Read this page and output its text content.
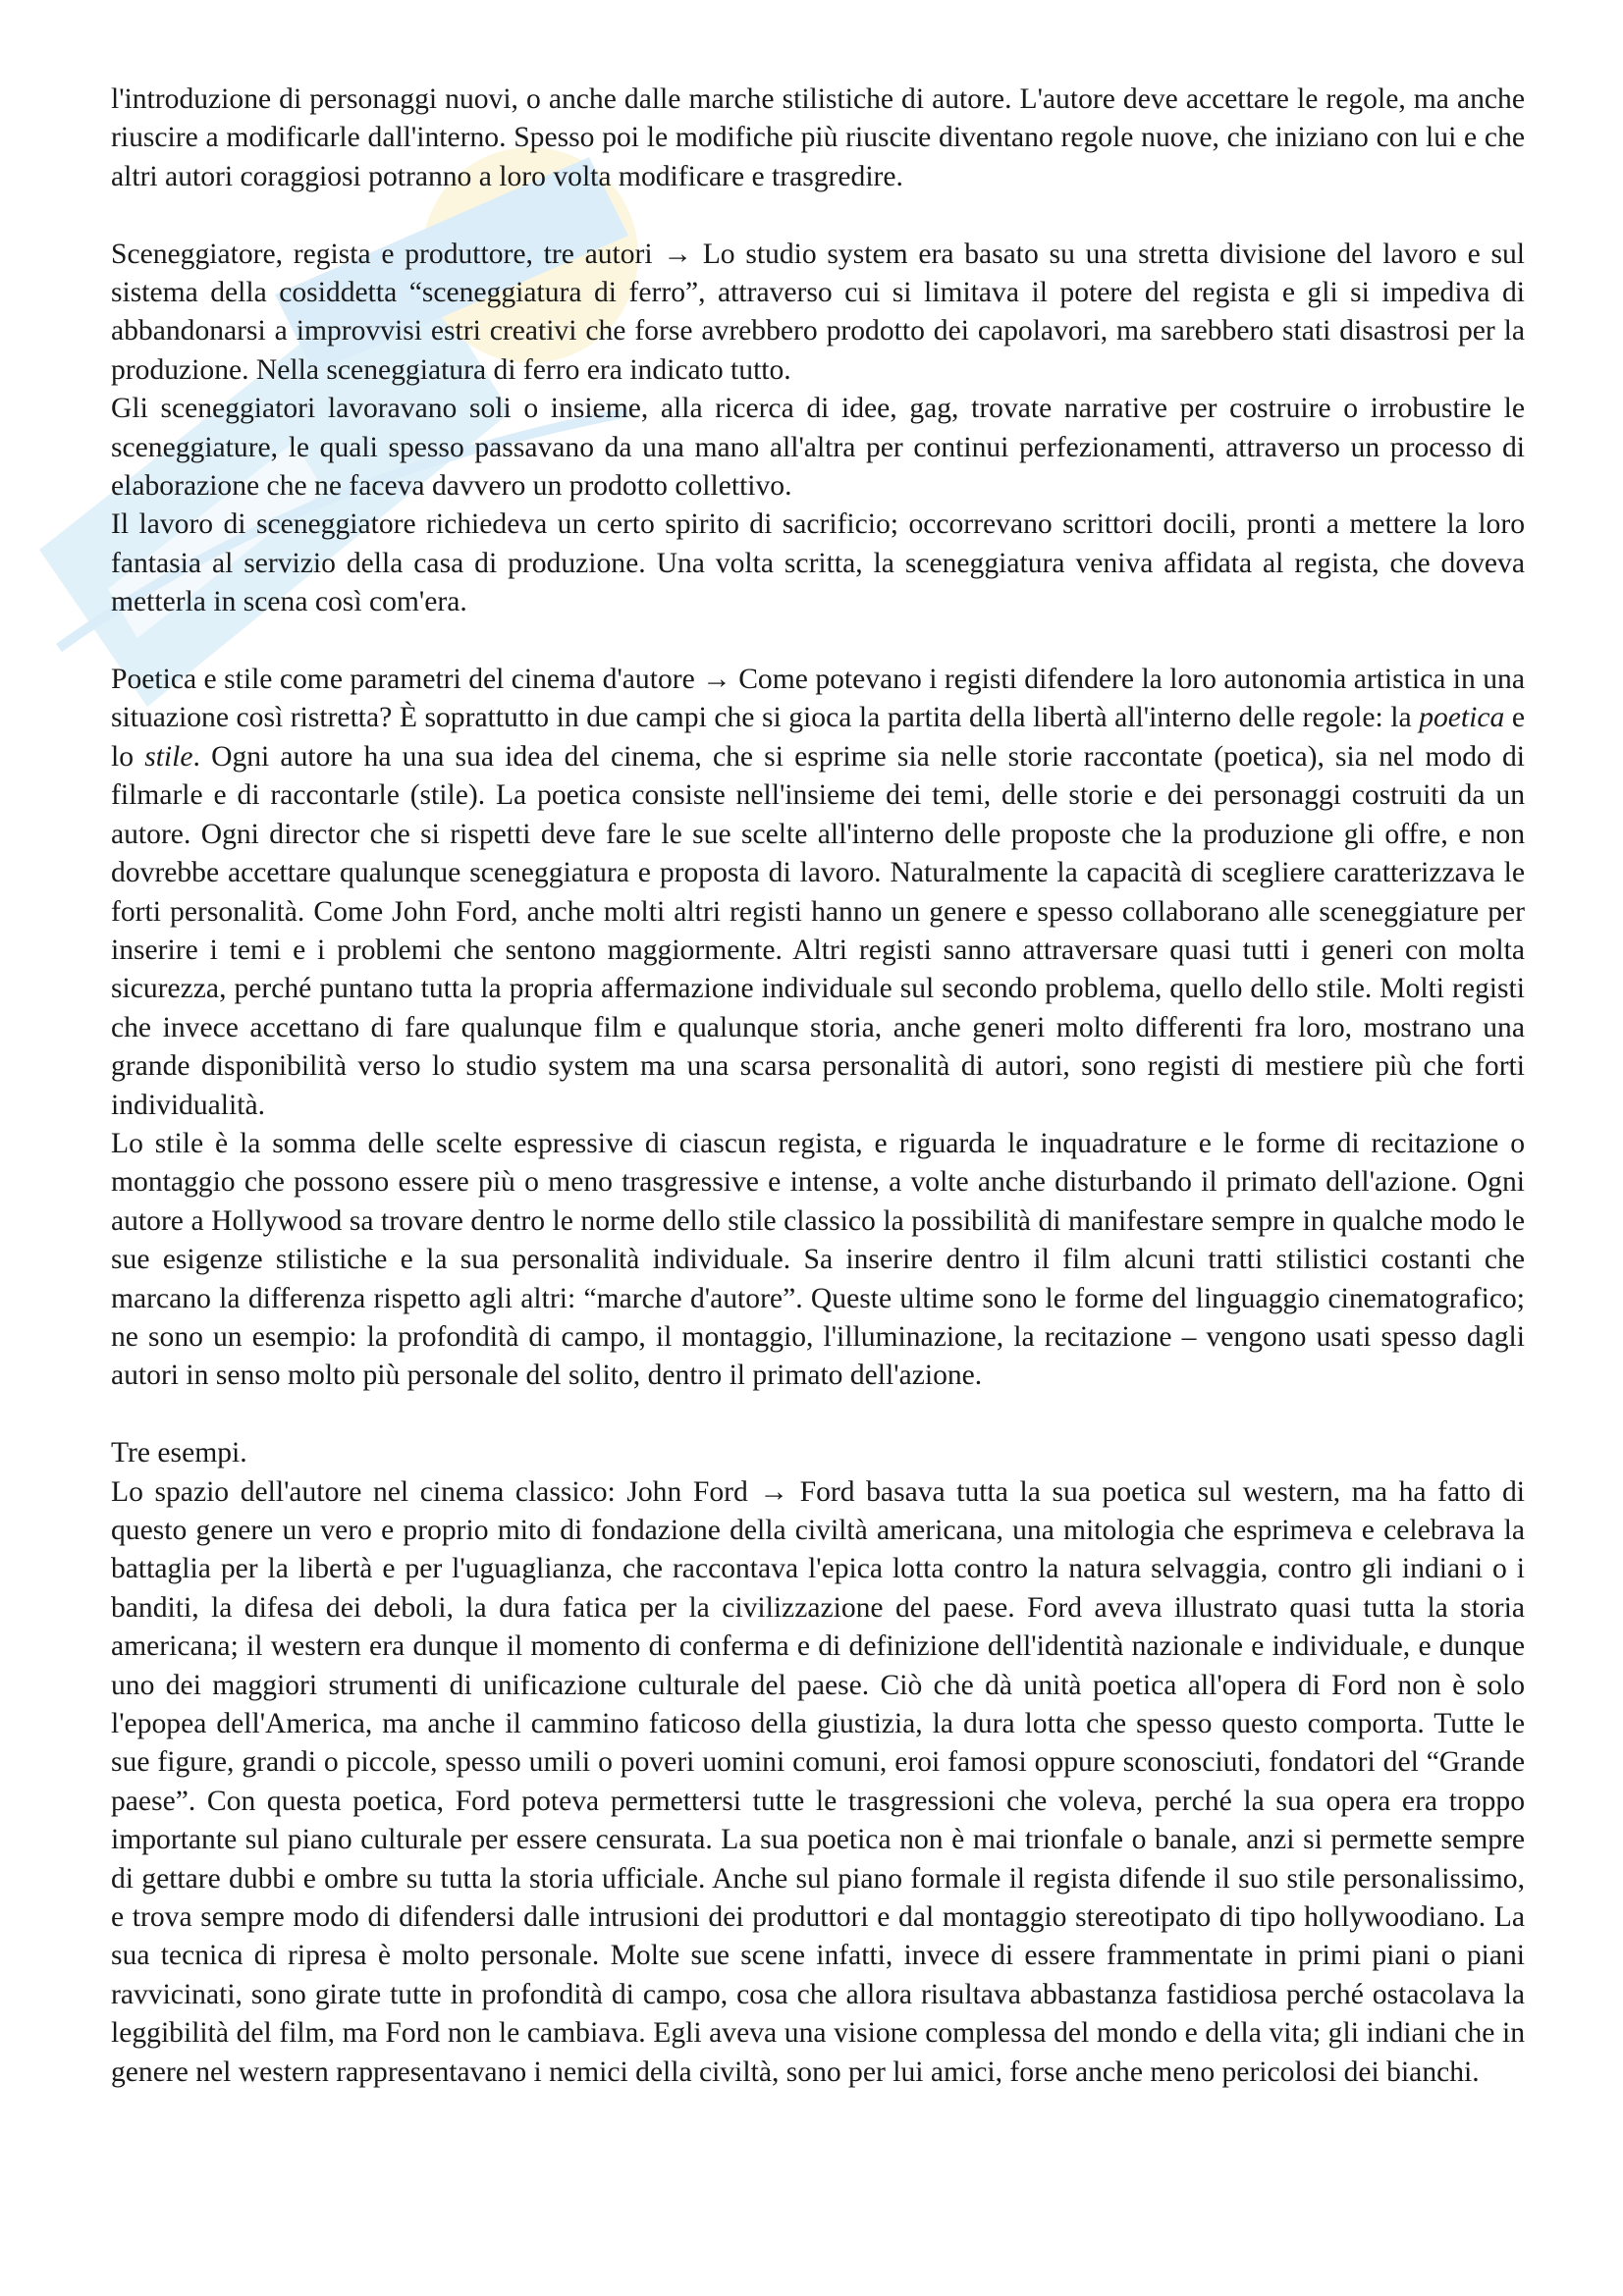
l'introduzione di personaggi nuovi, o anche dalle marche stilistiche di autore. L'autore deve accettare le regole, ma anche riuscire a modificarle dall'interno. Spesso poi le modifiche più riuscite diventano regole nuove, che iniziano con lui e che altri autori coraggiosi potranno a loro volta modificare e trasgredire.

Sceneggiatore, regista e produttore, tre autori → Lo studio system era basato su una stretta divisione del lavoro e sul sistema della cosiddetta “sceneggiatura di ferro”, attraverso cui si limitava il potere del regista e gli si impediva di abbandonarsi a improvvisi estri creativi che forse avrebbero prodotto dei capolavori, ma sarebbero stati disastrosi per la produzione. Nella sceneggiatura di ferro era indicato tutto.

Gli sceneggiatori lavoravano soli o insieme, alla ricerca di idee, gag, trovate narrative per costruire o irrobustire le sceneggiature, le quali spesso passavano da una mano all'altra per continui perfezionamenti, attraverso un processo di elaborazione che ne faceva davvero un prodotto collettivo.

Il lavoro di sceneggiatore richiedeva un certo spirito di sacrificio; occorrevano scrittori docili, pronti a mettere la loro fantasia al servizio della casa di produzione. Una volta scritta, la sceneggiatura veniva affidata al regista, che doveva metterla in scena così com'era.

Poetica e stile come parametri del cinema d'autore → Come potevano i registi difendere la loro autonomia artistica in una situazione così ristretta? È soprattutto in due campi che si gioca la partita della libertà all'interno delle regole: la poetica e lo stile. Ogni autore ha una sua idea del cinema, che si esprime sia nelle storie raccontate (poetica), sia nel modo di filmarle e di raccontarle (stile). La poetica consiste nell'insieme dei temi, delle storie e dei personaggi costruiti da un autore. Ogni director che si rispetti deve fare le sue scelte all'interno delle proposte che la produzione gli offre, e non dovrebbe accettare qualunque sceneggiatura e proposta di lavoro. Naturalmente la capacità di scegliere caratterizzava le forti personalità. Come John Ford, anche molti altri registi hanno un genere e spesso collaborano alle sceneggiature per inserire i temi e i problemi che sentono maggiormente. Altri registi sanno attraversare quasi tutti i generi con molta sicurezza, perché puntano tutta la propria affermazione individuale sul secondo problema, quello dello stile. Molti registi che invece accettano di fare qualunque film e qualunque storia, anche generi molto differenti fra loro, mostrano una grande disponibilità verso lo studio system ma una scarsa personalità di autori, sono registi di mestiere più che forti individualità.

Lo stile è la somma delle scelte espressive di ciascun regista, e riguarda le inquadrature e le forme di recitazione o montaggio che possono essere più o meno trasgressive e intense, a volte anche disturbando il primato dell'azione. Ogni autore a Hollywood sa trovare dentro le norme dello stile classico la possibilità di manifestare sempre in qualche modo le sue esigenze stilistiche e la sua personalità individuale. Sa inserire dentro il film alcuni tratti stilistici costanti che marcano la differenza rispetto agli altri: “marche d'autore”. Queste ultime sono le forme del linguaggio cinematografico; ne sono un esempio: la profondità di campo, il montaggio, l'illuminazione, la recitazione – vengono usati spesso dagli autori in senso molto più personale del solito, dentro il primato dell'azione.

Tre esempi.

Lo spazio dell'autore nel cinema classico: John Ford → Ford basava tutta la sua poetica sul western, ma ha fatto di questo genere un vero e proprio mito di fondazione della civiltà americana, una mitologia che esprimeva e celebrava la battaglia per la libertà e per l'uguaglianza, che raccontava l'epica lotta contro la natura selvaggia, contro gli indiani o i banditi, la difesa dei deboli, la dura fatica per la civilizzazione del paese. Ford aveva illustrato quasi tutta la storia americana; il western era dunque il momento di conferma e di definizione dell'identità nazionale e individuale, e dunque uno dei maggiori strumenti di unificazione culturale del paese. Ciò che dà unità poetica all'opera di Ford non è solo l'epopea dell'America, ma anche il cammino faticoso della giustizia, la dura lotta che spesso questo comporta. Tutte le sue figure, grandi o piccole, spesso umili o poveri uomini comuni, eroi famosi oppure sconosciuti, fondatori del “Grande paese”. Con questa poetica, Ford poteva permettersi tutte le trasgressioni che voleva, perché la sua opera era troppo importante sul piano culturale per essere censurata. La sua poetica non è mai trionfale o banale, anzi si permette sempre di gettare dubbi e ombre su tutta la storia ufficiale. Anche sul piano formale il regista difende il suo stile personalissimo, e trova sempre modo di difendersi dalle intrusioni dei produttori e dal montaggio stereotipato di tipo hollywoodiano. La sua tecnica di ripresa è molto personale. Molte sue scene infatti, invece di essere frammentate in primi piani o piani ravvicinati, sono girate tutte in profondità di campo, cosa che allora risultava abbastanza fastidiosa perché ostacolava la leggibilità del film, ma Ford non le cambiava. Egli aveva una visione complessa del mondo e della vita; gli indiani che in genere nel western rappresentavano i nemici della civiltà, sono per lui amici, forse anche meno pericolosi dei bianchi.
